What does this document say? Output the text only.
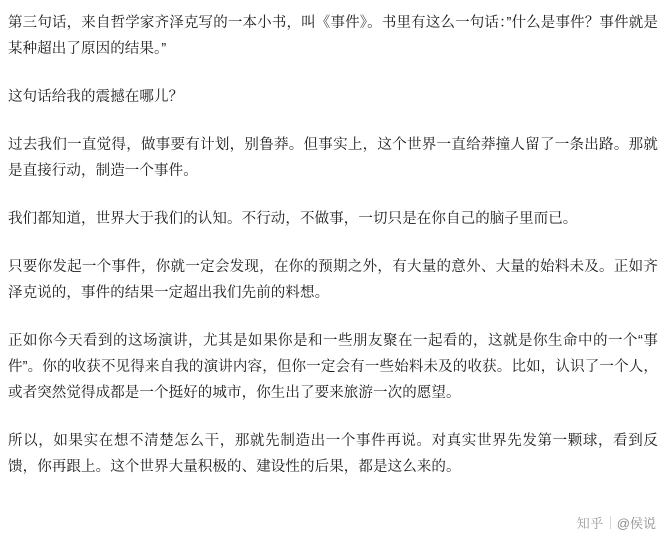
第三句话，来自哲学家齐泽克写的一本小书，叫《事件》。书里有这么一句话：”什么是事件？事件就是某种超出了原因的结果。”

这句话给我的震撼在哪儿？

过去我们一直觉得，做事要有计划，别鲁莽。但事实上，这个世界一直给莽撞人留了一条出路。那就是直接行动，制造一个事件。

我们都知道，世界大于我们的认知。不行动，不做事，一切只是在你自己的脑子里而已。

只要你发起一个事件，你就一定会发现，在你的预期之外，有大量的意外、大量的始料未及。正如齐泽克说的，事件的结果一定超出我们先前的料想。

正如你今天看到的这场演讲，尤其是如果你是和一些朋友聚在一起看的，这就是你生命中的一个“事件”。你的收获不见得来自我的演讲内容，但你一定会有一些始料未及的收获。比如，认识了一个人，或者突然觉得成都是一个挺好的城市，你生出了要来旅游一次的愿望。

所以，如果实在想不清楚怎么干，那就先制造出一个事件再说。对真实世界先发第一颗球，看到反馈，你再跟上。这个世界大量积极的、建设性的后果，都是这么来的。

知乎 @侯说
